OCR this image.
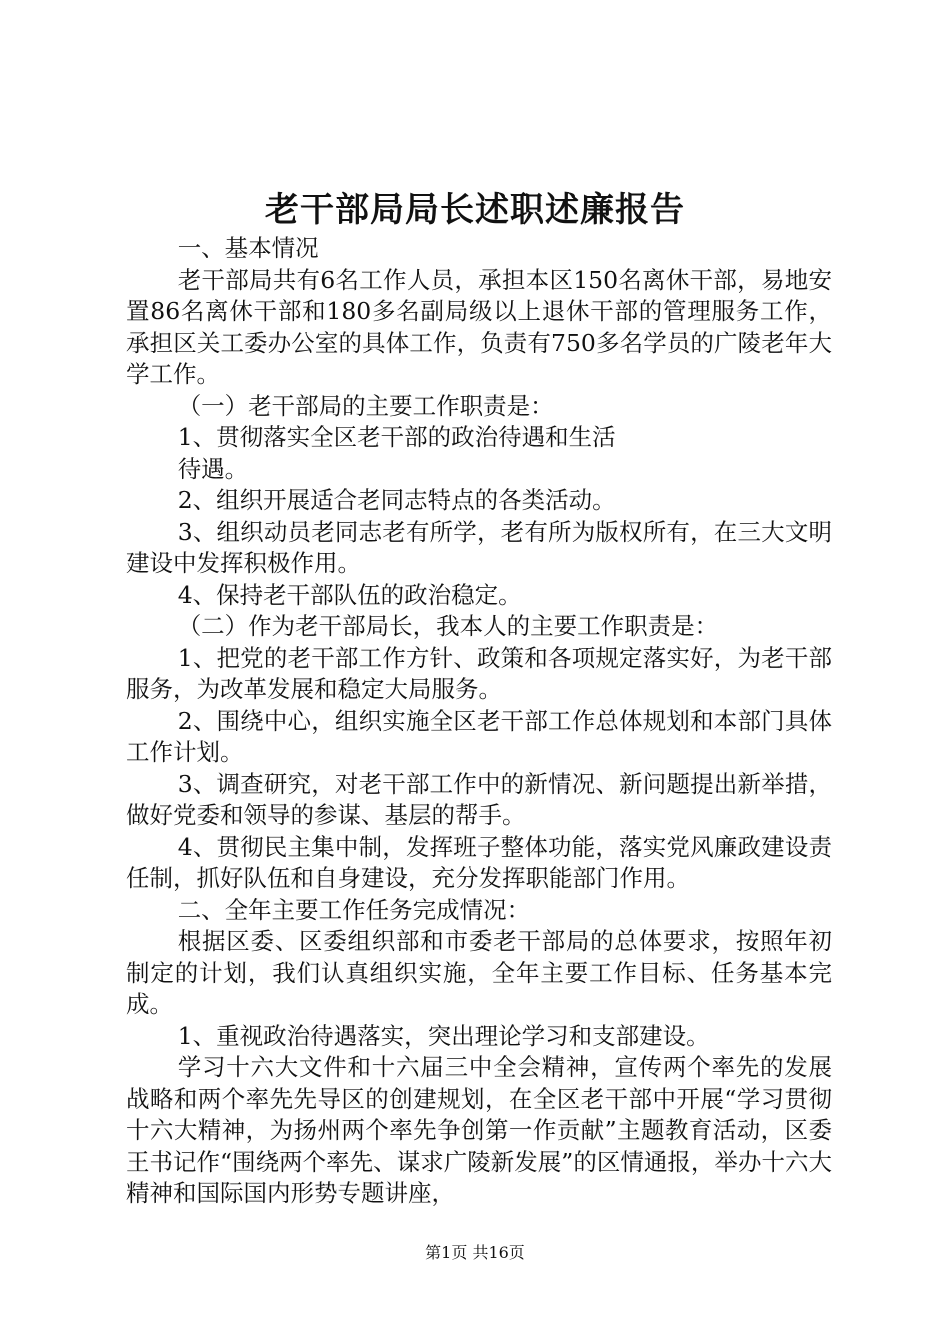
老干部局局长述职述廉报告

一、基本情况

老干部局共有6名工作人员，承担本区150名离休干部，易地安置86名离休干部和180多名副局级以上退休干部的管理服务工作，承担区关工委办公室的具体工作，负责有750多名学员的广陵老年大学工作。

（一）老干部局的主要工作职责是：

1、贯彻落实全区老干部的政治待遇和生活

待遇。

2、组织开展适合老同志特点的各类活动。

3、组织动员老同志老有所学，老有所为版权所有，在三大文明建设中发挥积极作用。

4、保持老干部队伍的政治稳定。

（二）作为老干部局长，我本人的主要工作职责是：

1、把党的老干部工作方针、政策和各项规定落实好，为老干部服务，为改革发展和稳定大局服务。

2、围绕中心，组织实施全区老干部工作总体规划和本部门具体工作计划。

3、调查研究，对老干部工作中的新情况、新问题提出新举措，做好党委和领导的参谋、基层的帮手。

4、贯彻民主集中制，发挥班子整体功能，落实党风廉政建设责任制，抓好队伍和自身建设，充分发挥职能部门作用。

二、全年主要工作任务完成情况：

根据区委、区委组织部和市委老干部局的总体要求，按照年初制定的计划，我们认真组织实施，全年主要工作目标、任务基本完成。

1、重视政治待遇落实，突出理论学习和支部建设。

学习十六大文件和十六届三中全会精神，宣传两个率先的发展战略和两个率先先导区的创建规划，在全区老干部中开展“学习贯彻十六大精神，为扬州两个率先争创第一作贡献”主题教育活动，区委王书记作“围绕两个率先、谋求广陵新发展”的区情通报，举办十六大精神和国际国内形势专题讲座，

第1页 共16页
